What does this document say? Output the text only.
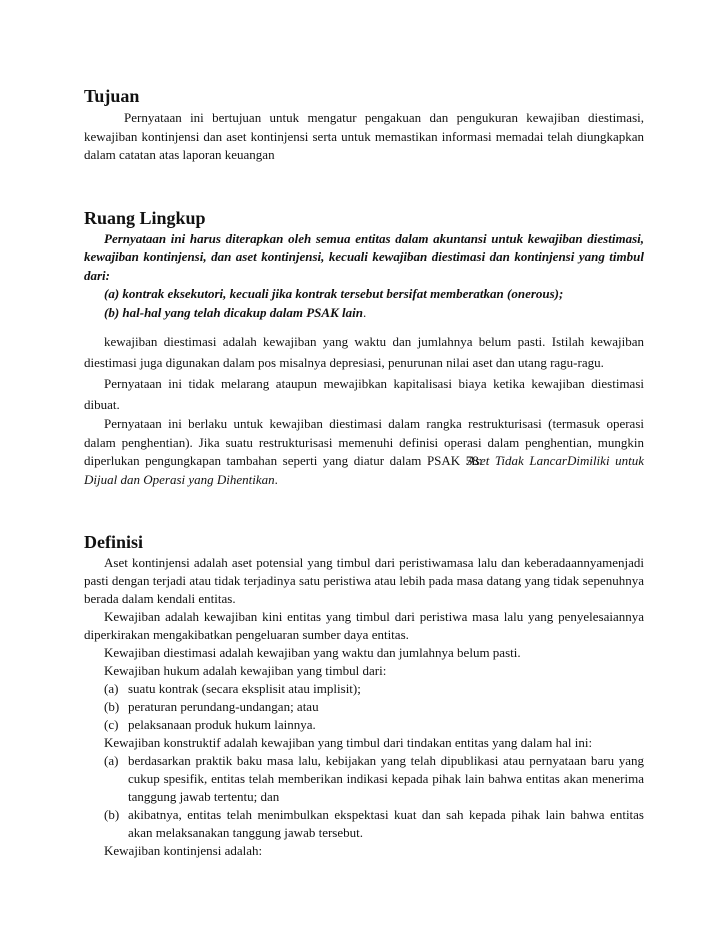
Tujuan

Pernyataan ini bertujuan untuk mengatur pengakuan dan pengukuran kewajiban diestimasi, kewajiban kontinjensi dan aset kontinjensi serta untuk memastikan informasi memadai telah diungkapkan dalam catatan atas laporan keuangan

Ruang Lingkup

Pernyataan ini harus diterapkan oleh semua entitas dalam akuntansi untuk kewajiban diestimasi, kewajiban kontinjensi, dan aset kontinjensi, kecuali kewajiban diestimasi dan kontinjensi yang timbul dari:

(a) kontrak eksekutori, kecuali jika kontrak tersebut bersifat memberatkan (onerous);

(b) hal-hal yang telah dicakup dalam PSAK lain.

kewajiban diestimasi adalah kewajiban yang waktu dan jumlahnya belum pasti. Istilah kewajiban diestimasi juga digunakan dalam pos misalnya depresiasi, penurunan nilai aset dan utang ragu-ragu.

Pernyataan ini tidak melarang ataupun mewajibkan kapitalisasi biaya ketika kewajiban diestimasi dibuat.

Pernyataan ini berlaku untuk kewajiban diestimasi dalam rangka restrukturisasi (termasuk operasi dalam penghentian). Jika suatu restrukturisasi memenuhi definisi operasi dalam penghentian, mungkin diperlukan pengungkapan tambahan seperti yang diatur dalam PSAK 58: Aset Tidak LancarDimiliki untuk Dijual dan Operasi yang Dihentikan.

Definisi

Aset kontinjensi adalah aset potensial yang timbul dari peristiwamasa lalu dan keberadaannyamenjadi pasti dengan terjadi atau tidak terjadinya satu peristiwa atau lebih pada masa datang yang tidak sepenuhnya berada dalam kendali entitas.

Kewajiban adalah kewajiban kini entitas yang timbul dari peristiwa masa lalu yang penyelesaiannya diperkirakan mengakibatkan pengeluaran sumber daya entitas.

Kewajiban diestimasi adalah kewajiban yang waktu dan jumlahnya belum pasti.

Kewajiban hukum adalah kewajiban yang timbul dari:

(a) suatu kontrak (secara eksplisit atau implisit);

(b) peraturan perundang-undangan; atau

(c) pelaksanaan produk hukum lainnya.

Kewajiban konstruktif adalah kewajiban yang timbul dari tindakan entitas yang dalam hal ini:

(a) berdasarkan praktik baku masa lalu, kebijakan yang telah dipublikasi atau pernyataan baru yang cukup spesifik, entitas telah memberikan indikasi kepada pihak lain bahwa entitas akan menerima tanggung jawab tertentu; dan

(b) akibatnya, entitas telah menimbulkan ekspektasi kuat dan sah kepada pihak lain bahwa entitas akan melaksanakan tanggung jawab tersebut.

Kewajiban kontinjensi adalah:
